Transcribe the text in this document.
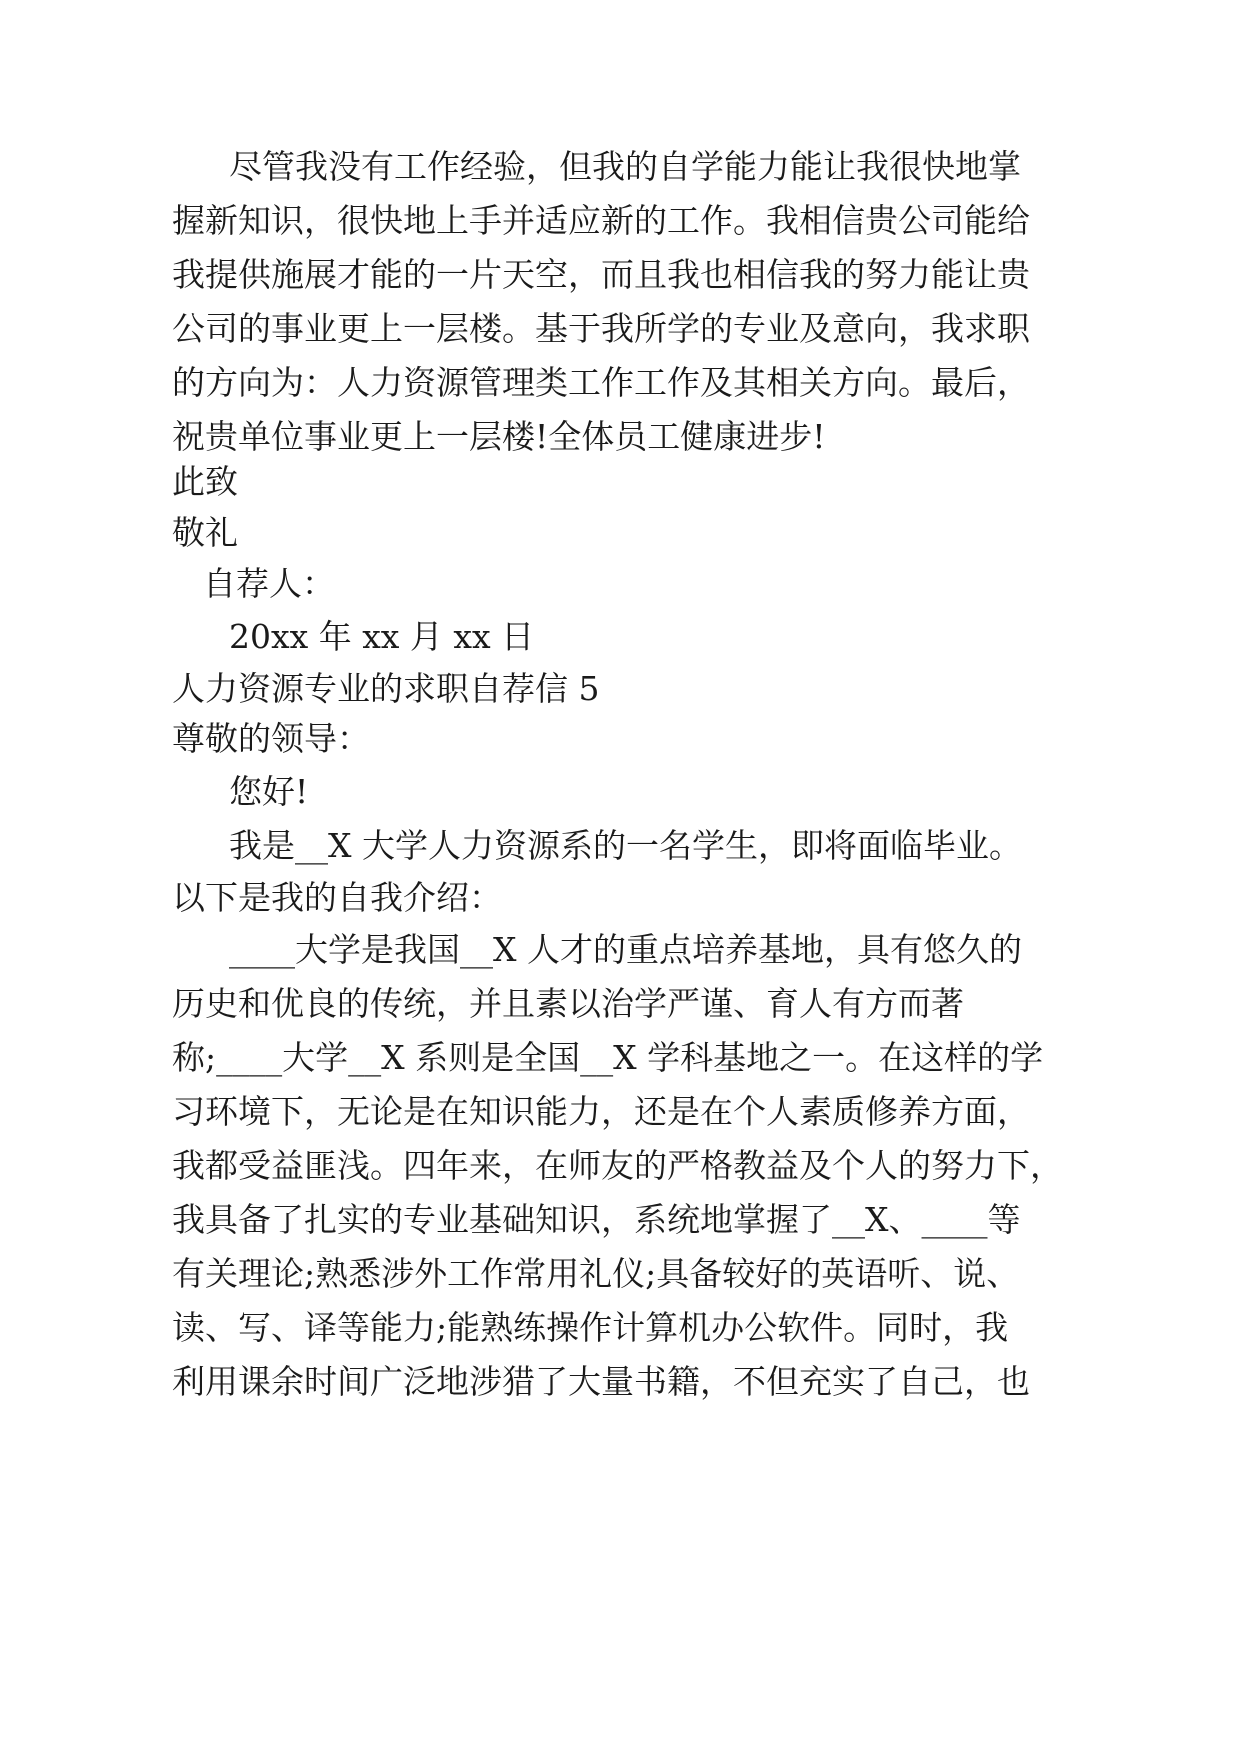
尽管我没有工作经验，但我的自学能力能让我很快地掌
握新知识，很快地上手并适应新的工作。我相信贵公司能给
我提供施展才能的一片天空，而且我也相信我的努力能让贵
公司的事业更上一层楼。基于我所学的专业及意向，我求职
的方向为：人力资源管理类工作工作及其相关方向。最后，
祝贵单位事业更上一层楼!全体员工健康进步!
此致
敬礼
自荐人：
20xx 年 xx 月 xx 日
人力资源专业的求职自荐信 5
尊敬的领导：
您好!
我是__X 大学人力资源系的一名学生，即将面临毕业。
以下是我的自我介绍：
____大学是我国__X 人才的重点培养基地，具有悠久的
历史和优良的传统，并且素以治学严谨、育人有方而著
称;____大学__X 系则是全国__X 学科基地之一。在这样的学
习环境下，无论是在知识能力，还是在个人素质修养方面，
我都受益匪浅。四年来，在师友的严格教益及个人的努力下，
我具备了扎实的专业基础知识，系统地掌握了__X、____等
有关理论;熟悉涉外工作常用礼仪;具备较好的英语听、说、
读、写、译等能力;能熟练操作计算机办公软件。同时，我
利用课余时间广泛地涉猎了大量书籍，不但充实了自己，也
